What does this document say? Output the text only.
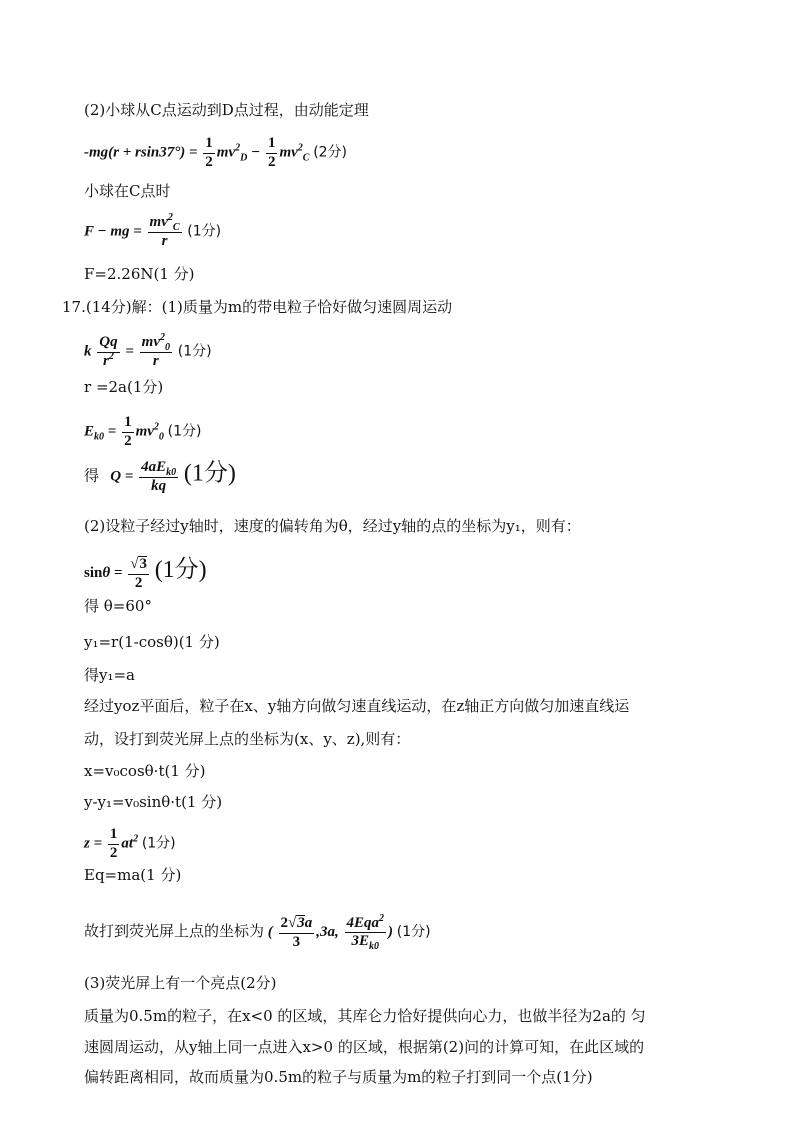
(2)小球从C点运动到D点过程，由动能定理
$-mg(r + rsin37^\circ) = \frac{1}{2} mv^2_D - \frac{1}{2} mv^2_C$ (2分)
小球在C点时
F − mg = $\frac{mv^2_C}{r} (1$分)
F=2.26N(1 分)
17.(14分)解：(1)质量为m的带电粒子恰好做匀速圆周运动
k $\frac{Qq}{r^2} = \frac{mv^2_0}{r} (1$分)
r =2a(1分)
$E_{k0} = \frac{1}{2} mv^2_0$ (1分)
得   $Q = \frac{4aE_{k0}}{kq} (1$分)
(2)设粒子经过y轴时，速度的偏转角为θ，经过y轴的点的坐标为y₁，则有：
$\sin\theta = \frac{√3}{2} (1$分)
得 θ=60°
y₁=r(1-cosθ)(1 分)
得y₁=a
经过yoz平面后，粒子在x、y轴方向做匀速直线运动，在z轴正方向做匀加速直线运
动，设打到荧光屏上点的坐标为(x、y、z),则有：
x=v₀cosθ·t(1 分)
y-y₁=v₀sinθ·t(1 分)
$z = \frac{1}{2} at^2$ (1分)
Eq=ma(1 分)
故打到荧光屏上点的坐标为 ( $\frac{2√3a}{3} ,3a$, $\frac{4Eqa^2}{3E_{k0}}$ ) (1分)
(3)荧光屏上有一个亮点(2分)
质量为0.5m的粒子，在x<0 的区域，其库仑力恰好提供向心力，也做半径为2a的 匀
速圆周运动，从y轴上同一点进入x>0 的区域，根据第(2)问的计算可知，在此区域的
偏转距离相同，故而质量为0.5m的粒子与质量为m的粒子打到同一个点(1分)
